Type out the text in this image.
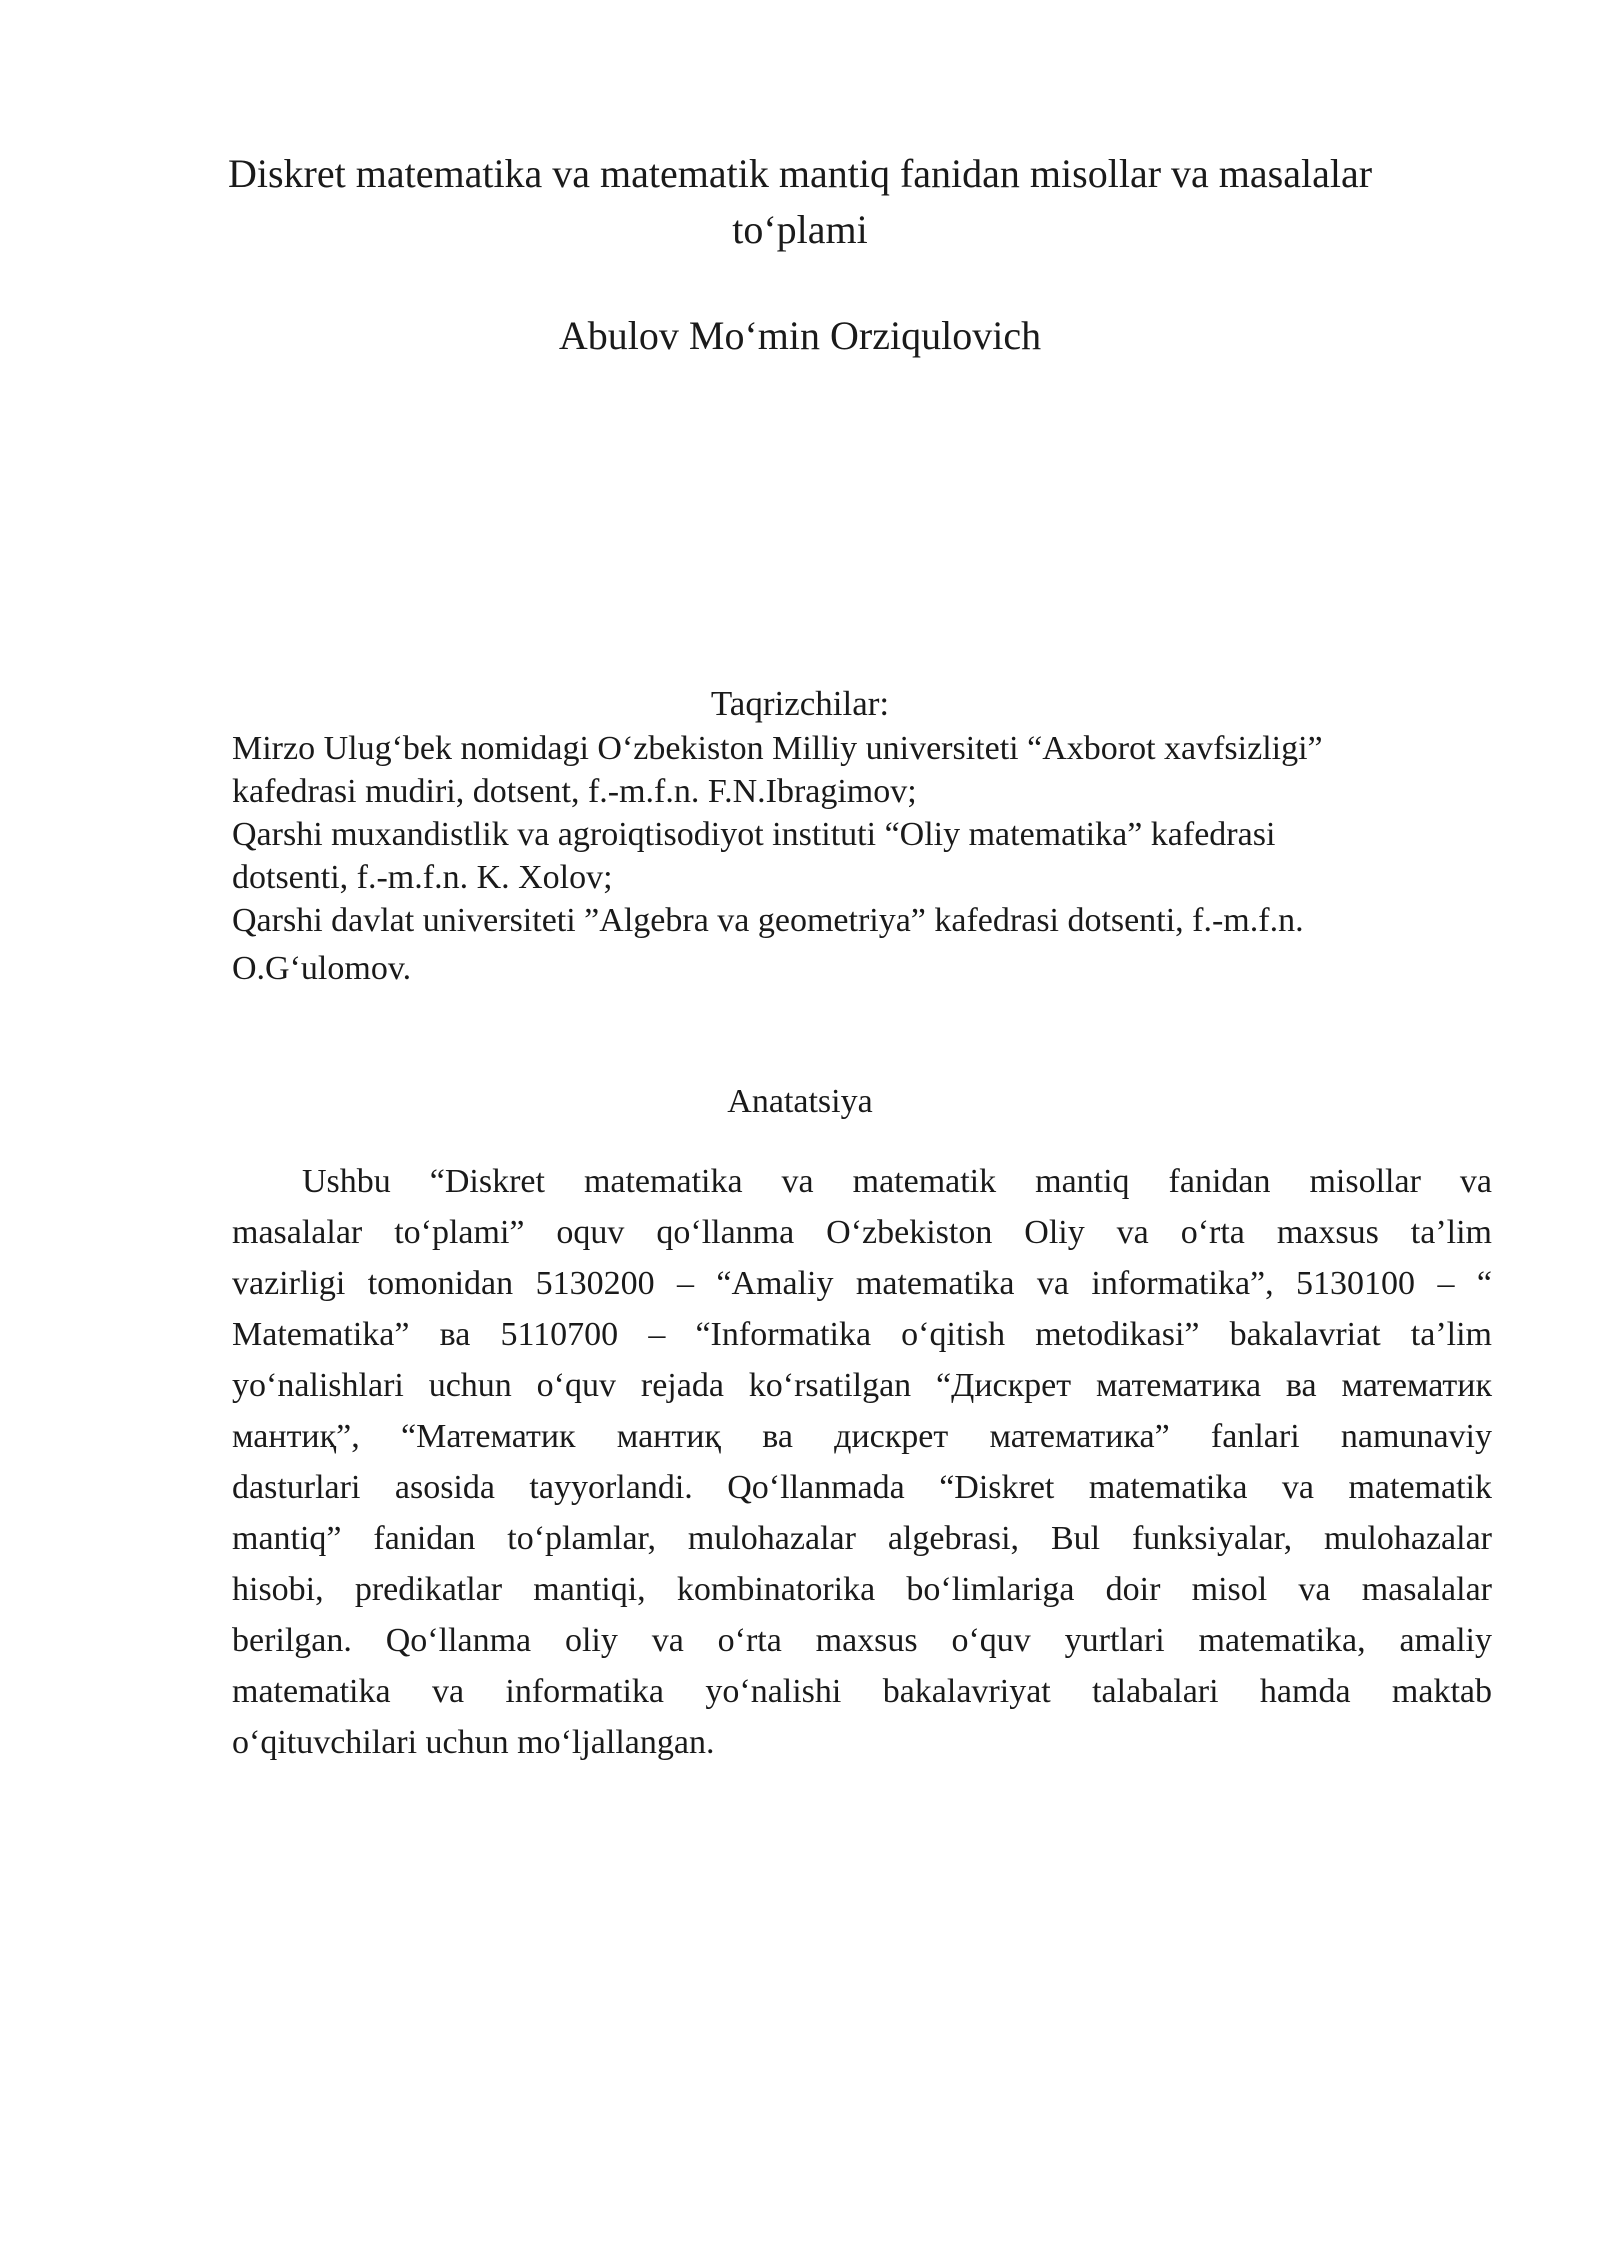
Diskret matematika va matematik mantiq fanidan misollar va masalalar
to‘plami
Abulov Mo‘min Orziqulovich
Taqrizchilar:
Mirzo Ulug‘bek nomidagi O‘zbekiston Milliy universiteti “Axborot xavfsizligi”
kafedrasi mudiri, dotsent, f.-m.f.n. F.N.Ibragimov;
Qarshi muxandistlik va agroiqtisodiyot instituti “Oliy matematika” kafedrasi
dotsenti, f.-m.f.n. K. Xolov;
Qarshi davlat universiteti ”Algebra va geometriya” kafedrasi dotsenti, f.-m.f.n.
O.G‘ulomov.
Anatatsiya
Ushbu “Diskret matematika va matematik mantiq fanidan misollar va
masalalar to‘plami” oquv qo‘llanma O‘zbekiston Oliy va o‘rta maxsus ta’lim
vazirligi tomonidan 5130200 – “Amaliy matematika va informatika”, 5130100 – “
Matematika” ва 5110700 – “Informatika o‘qitish metodikasi” bakalavriat ta’lim
yo‘nalishlari uchun o‘quv rejada ko‘rsatilgan “Дискрет математика ва математик
мантиқ”, “Математик мантиқ ва дискрет математика” fanlari namunaviy
dasturlari asosida tayyorlandi. Qo‘llanmada “Diskret matematika va matematik
mantiq” fanidan to‘plamlar, mulohazalar algebrasi, Bul funksiyalar, mulohazalar
hisobi, predikatlar mantiqi, kombinatorika bo‘limlariga doir misol va masalalar
berilgan. Qo‘llanma oliy va o‘rta maxsus o‘quv yurtlari matematika, amaliy
matematika va informatika yo‘nalishi bakalavriyat talabalari hamda maktab
o‘qituvchilari uchun mo‘ljallangan.
